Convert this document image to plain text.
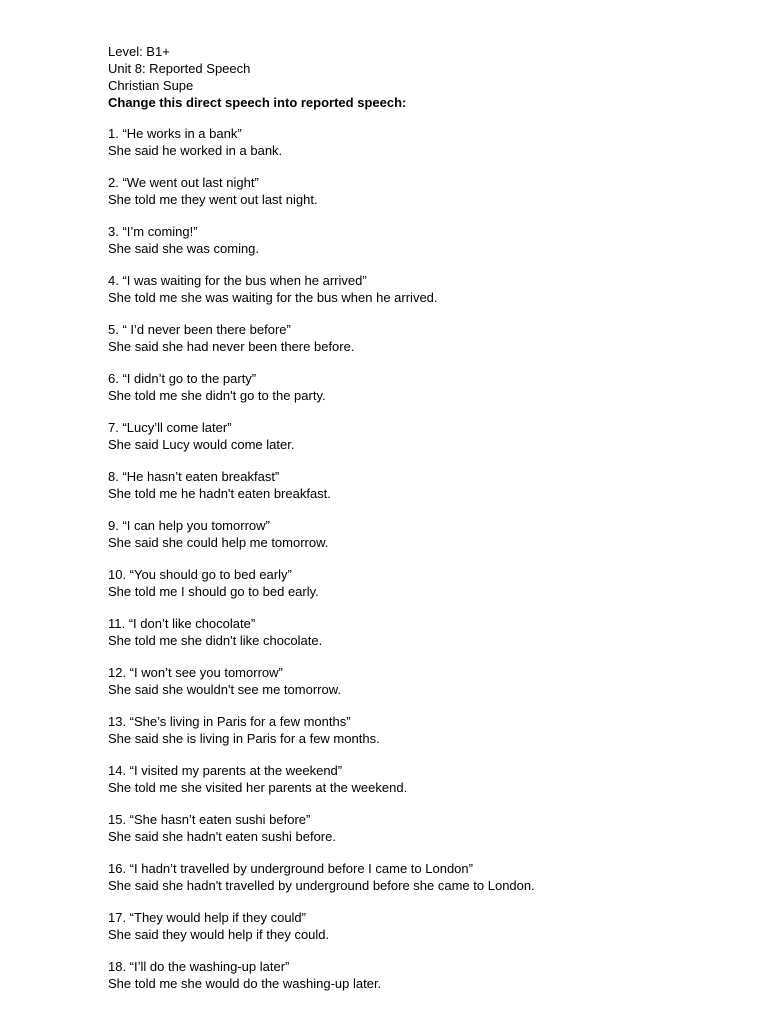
Level: B1+
Unit 8: Reported Speech
Christian Supe
Change this direct speech into reported speech:
1. “He works in a bank”
She said he worked in a bank.
2. “We went out last night”
She told me they went out last night.
3. “I’m coming!”
She said she was coming.
4. “I was waiting for the bus when he arrived”
She told me she was waiting for the bus when he arrived.
5. “ I’d never been there before”
She said she had never been there before.
6. “I didn’t go to the party”
She told me she didn't go to the party.
7. “Lucy’ll come later”
She said Lucy would come later.
8. “He hasn’t eaten breakfast”
She told me he hadn't eaten breakfast.
9. “I can help you tomorrow”
She said she could help me tomorrow.
10. “You should go to bed early”
She told me I should go to bed early.
11. “I don’t like chocolate”
She told me she didn't like chocolate.
12. “I won’t see you tomorrow”
She said she wouldn't see me tomorrow.
13. “She’s living in Paris for a few months”
She said she is living in Paris for a few months.
14. “I visited my parents at the weekend”
She told me she visited her parents at the weekend.
15. “She hasn’t eaten sushi before”
She said she hadn't eaten sushi before.
16. “I hadn’t travelled by underground before I came to London”
She said she hadn't travelled by underground before she came to London.
17. “They would help if they could”
She said they would help if they could.
18. “I’ll do the washing-up later”
She told me she would do the washing-up later.
